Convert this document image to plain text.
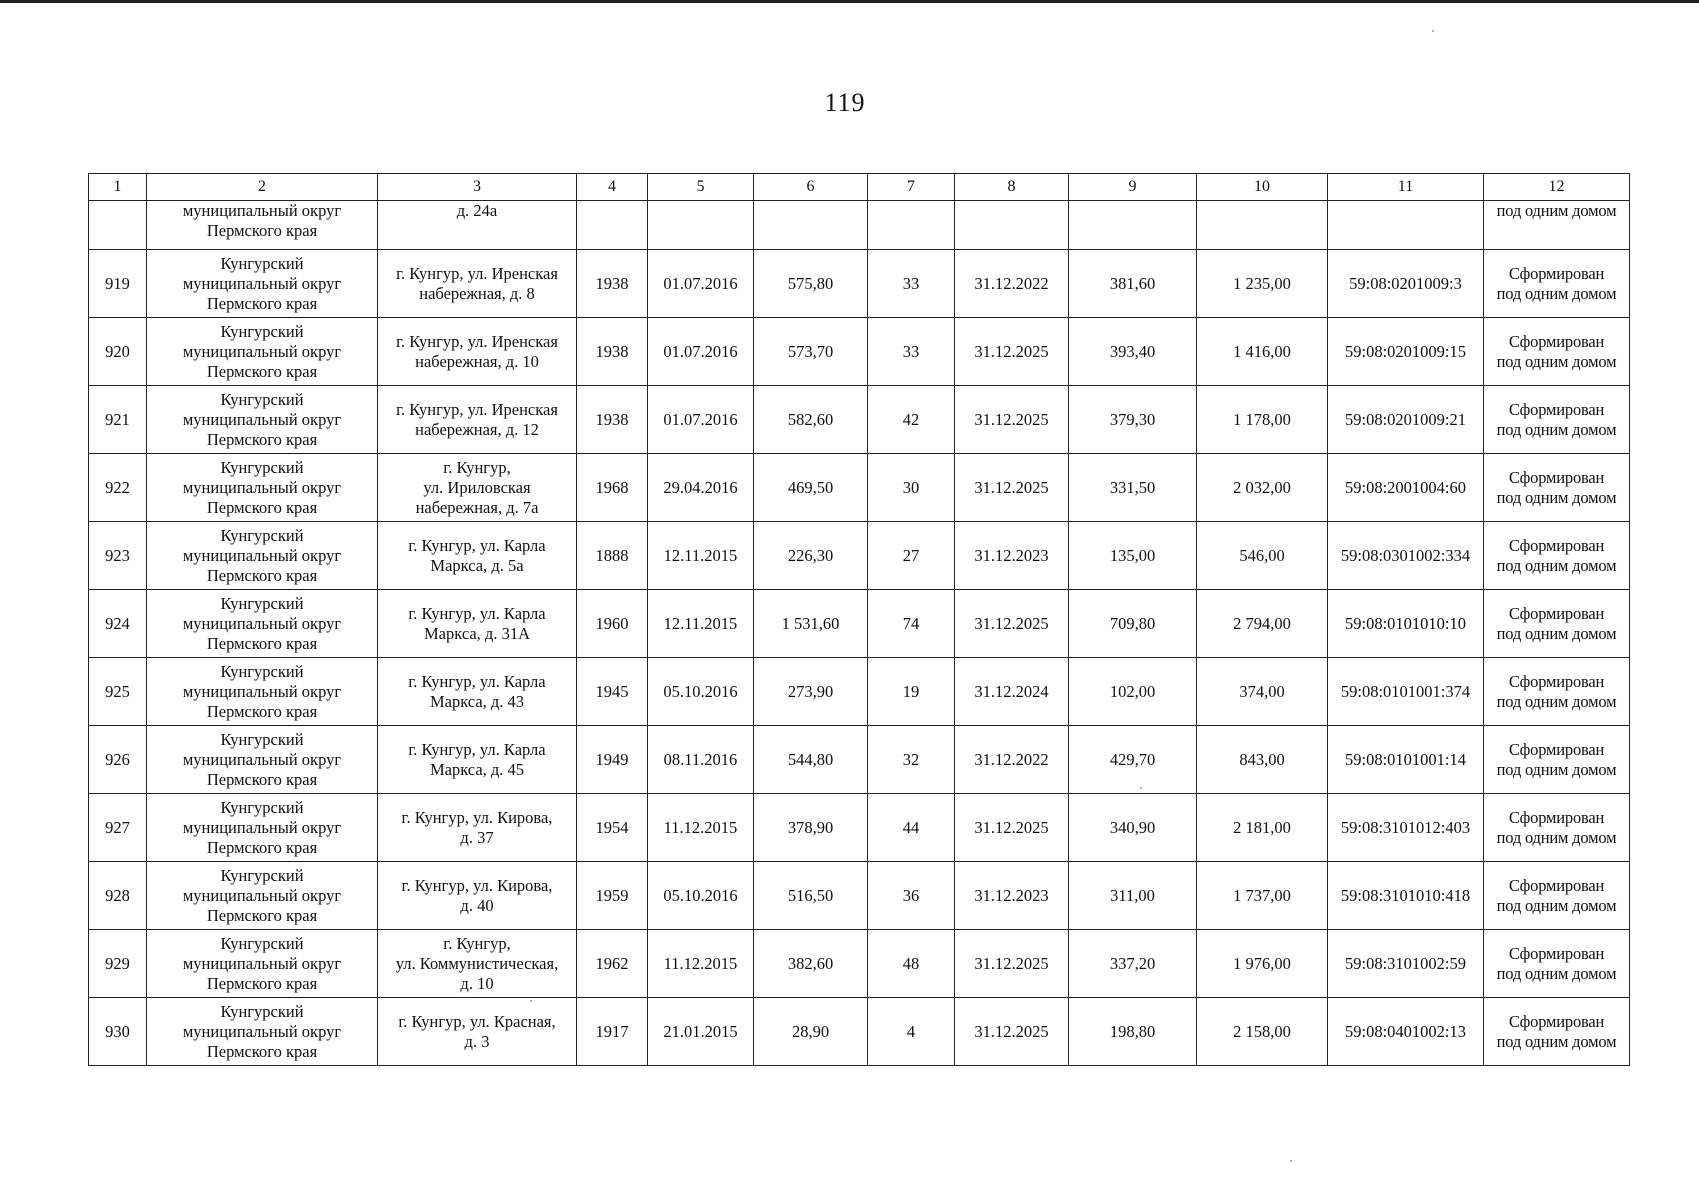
119
1	2	3	4	5	6	7	8	9	10	11	12

	муниципальный округ
Пермского края	д. 24а									под одним домом

919	Кунгурский
муниципальный округ
Пермского края	г. Кунгур, ул. Иренская
набережная, д. 8	1938	01.07.2016	575,80	33	31.12.2022	381,60	1 235,00	59:08:0201009:3	Сформирован
под одним домом

920	Кунгурский
муниципальный округ
Пермского края	г. Кунгур, ул. Иренская
набережная, д. 10	1938	01.07.2016	573,70	33	31.12.2025	393,40	1 416,00	59:08:0201009:15	Сформирован
под одним домом

921	Кунгурский
муниципальный округ
Пермского края	г. Кунгур, ул. Иренская
набережная, д. 12	1938	01.07.2016	582,60	42	31.12.2025	379,30	1 178,00	59:08:0201009:21	Сформирован
под одним домом

922	Кунгурский
муниципальный округ
Пермского края	г. Кунгур,
ул. Ириловская
набережная, д. 7а	1968	29.04.2016	469,50	30	31.12.2025	331,50	2 032,00	59:08:2001004:60	Сформирован
под одним домом

923	Кунгурский
муниципальный округ
Пермского края	г. Кунгур, ул. Карла
Маркса, д. 5а	1888	12.11.2015	226,30	27	31.12.2023	135,00	546,00	59:08:0301002:334	Сформирован
под одним домом

924	Кунгурский
муниципальный округ
Пермского края	г. Кунгур, ул. Карла
Маркса, д. 31А	1960	12.11.2015	1 531,60	74	31.12.2025	709,80	2 794,00	59:08:0101010:10	Сформирован
под одним домом

925	Кунгурский
муниципальный округ
Пермского края	г. Кунгур, ул. Карла
Маркса, д. 43	1945	05.10.2016	273,90	19	31.12.2024	102,00	374,00	59:08:0101001:374	Сформирован
под одним домом

926	Кунгурский
муниципальный округ
Пермского края	г. Кунгур, ул. Карла
Маркса, д. 45	1949	08.11.2016	544,80	32	31.12.2022	429,70	843,00	59:08:0101001:14	Сформирован
под одним домом

927	Кунгурский
муниципальный округ
Пермского края	г. Кунгур, ул. Кирова,
д. 37	1954	11.12.2015	378,90	44	31.12.2025	340,90	2 181,00	59:08:3101012:403	Сформирован
под одним домом

928	Кунгурский
муниципальный округ
Пермского края	г. Кунгур, ул. Кирова,
д. 40	1959	05.10.2016	516,50	36	31.12.2023	311,00	1 737,00	59:08:3101010:418	Сформирован
под одним домом

929	Кунгурский
муниципальный округ
Пермского края	г. Кунгур,
ул. Коммунистическая,
д. 10	1962	11.12.2015	382,60	48	31.12.2025	337,20	1 976,00	59:08:3101002:59	Сформирован
под одним домом

930	Кунгурский
муниципальный округ
Пермского края	г. Кунгур, ул. Красная,
д. 3	1917	21.01.2015	28,90	4	31.12.2025	198,80	2 158,00	59:08:0401002:13	Сформирован
под одним домом
